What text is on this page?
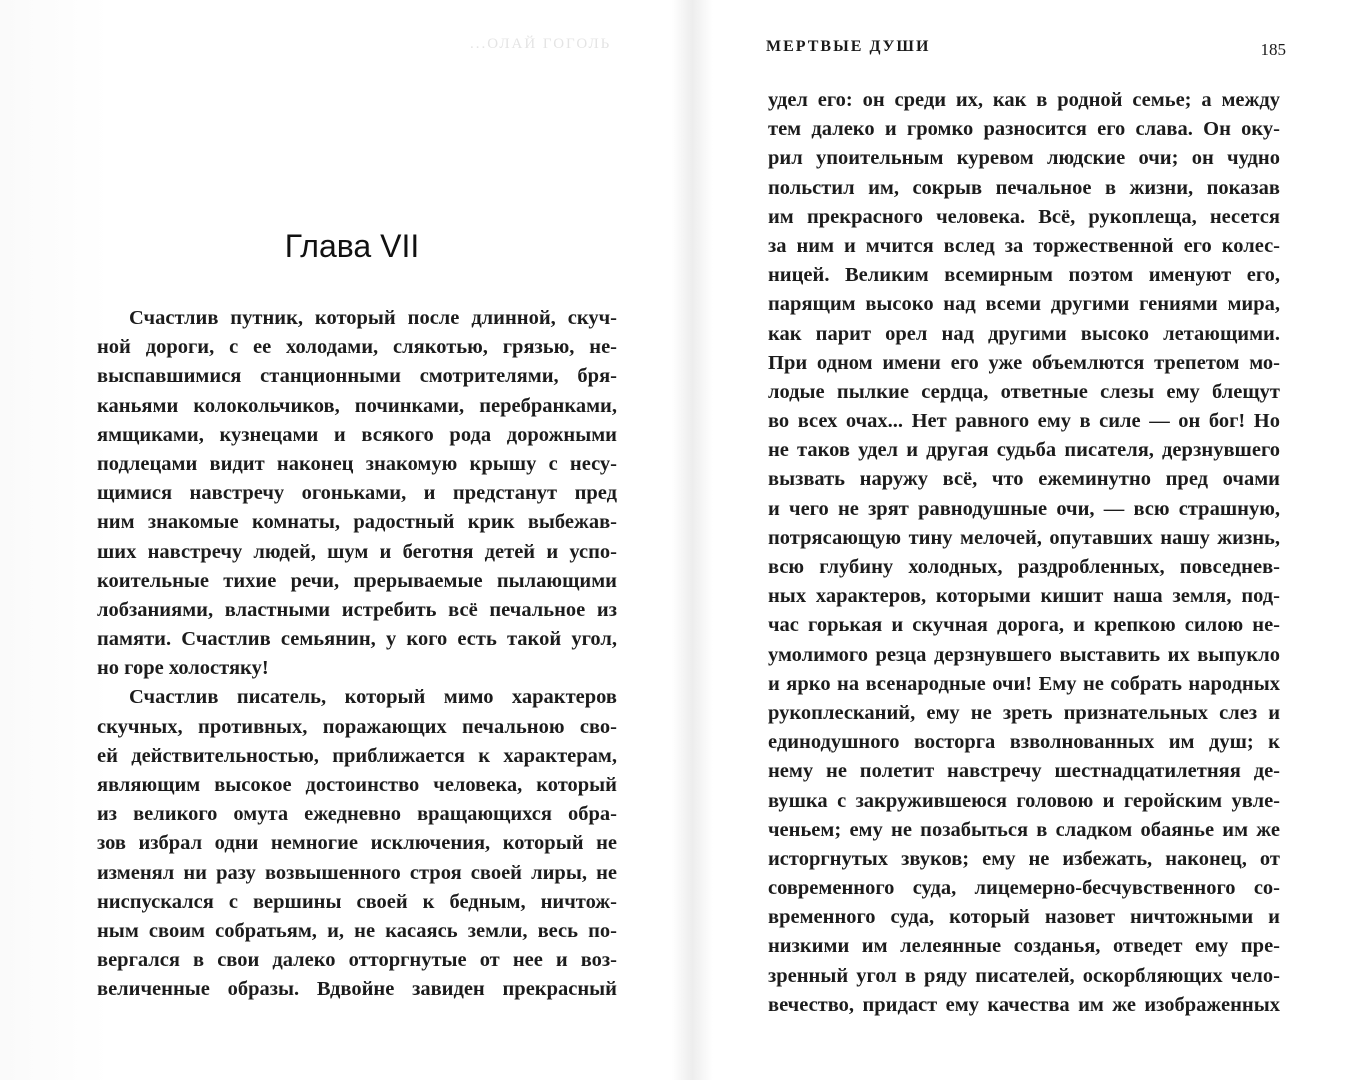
...ОЛАЙ ГОГОЛЬ
Глава VII
Счастлив путник, который после длинной, скуч-
ной дороги, с ее холодами, слякотью, грязью, не-
выспавшимися станционными смотрителями, бря-
каньями колокольчиков, починками, перебранками,
ямщиками, кузнецами и всякого рода дорожными
подлецами видит наконец знакомую крышу с несу-
щимися навстречу огоньками, и предстанут пред
ним знакомые комнаты, радостный крик выбежав-
ших навстречу людей, шум и беготня детей и успо-
коительные тихие речи, прерываемые пылающими
лобзаниями, властными истребить всё печальное из
памяти. Счастлив семьянин, у кого есть такой угол,
но горе холостяку!
Счастлив писатель, который мимо характеров
скучных, противных, поражающих печальною сво-
ей действительностью, приближается к характерам,
являющим высокое достоинство человека, который
из великого омута ежедневно вращающихся обра-
зов избрал одни немногие исключения, который не
изменял ни разу возвышенного строя своей лиры, не
ниспускался с вершины своей к бедным, ничтож-
ным своим собратьям, и, не касаясь земли, весь по-
вергался в свои далеко отторгнутые от нее и воз-
величенные образы. Вдвойне завиден прекрасный
МЕРТВЫЕ ДУШИ	185
удел его: он среди их, как в родной семье; а между
тем далеко и громко разносится его слава. Он оку-
рил упоительным куревом людские очи; он чудно
польстил им, сокрыв печальное в жизни, показав
им прекрасного человека. Всё, рукоплеща, несется
за ним и мчится вслед за торжественной его колес-
ницей. Великим всемирным поэтом именуют его,
парящим высоко над всеми другими гениями мира,
как парит орел над другими высоко летающими.
При одном имени его уже объемлются трепетом мо-
лодые пылкие сердца, ответные слезы ему блещут
во всех очах... Нет равного ему в силе — он бог! Но
не таков удел и другая судьба писателя, дерзнувшего
вызвать наружу всё, что ежеминутно пред очами
и чего не зрят равнодушные очи, — всю страшную,
потрясающую тину мелочей, опутавших нашу жизнь,
всю глубину холодных, раздробленных, повседнев-
ных характеров, которыми кишит наша земля, под-
час горькая и скучная дорога, и крепкою силою не-
умолимого резца дерзнувшего выставить их выпукло
и ярко на всенародные очи! Ему не собрать народных
рукоплесканий, ему не зреть признательных слез и
единодушного восторга взволнованных им душ; к
нему не полетит навстречу шестнадцатилетняя де-
вушка с закружившеюся головою и геройским увле-
ченьем; ему не позабыться в сладком обаянье им же
исторгнутых звуков; ему не избежать, наконец, от
современного суда, лицемерно-бесчувственного со-
временного суда, который назовет ничтожными и
низкими им лелеянные созданья, отведет ему пре-
зренный угол в ряду писателей, оскорбляющих чело-
вечество, придаст ему качества им же изображенных
